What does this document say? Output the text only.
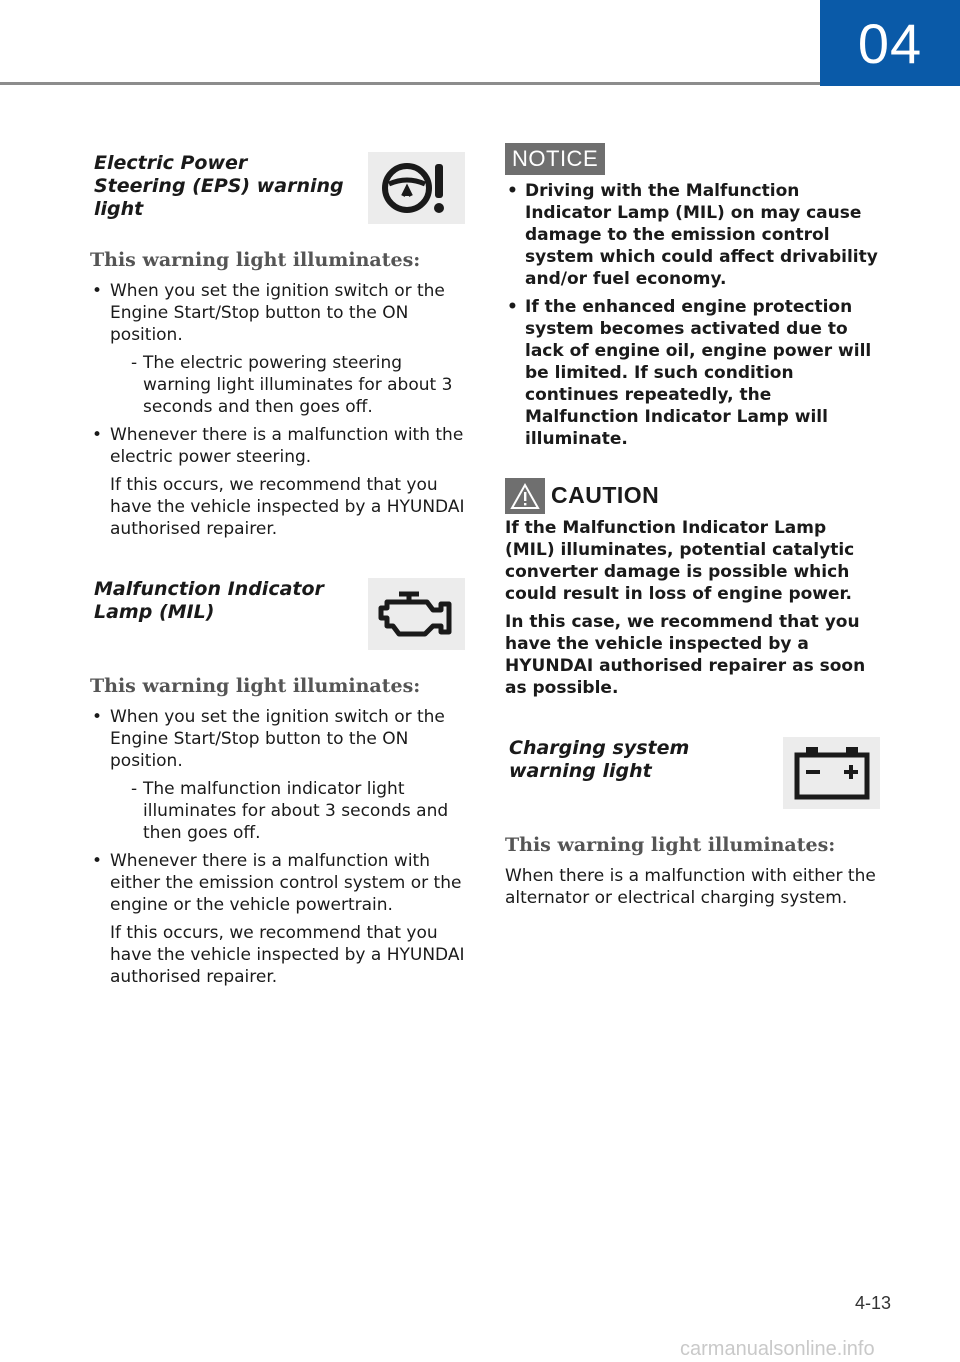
04
Electric Power Steering (EPS) warning light
This warning light illuminates:
• When you set the ignition switch or the Engine Start/Stop button to the ON position.
- The electric powering steering warning light illuminates for about 3 seconds and then goes off.
• Whenever there is a malfunction with the electric power steering.
If this occurs, we recommend that you have the vehicle inspected by a HYUNDAI authorised repairer.
Malfunction Indicator Lamp (MIL)
This warning light illuminates:
• When you set the ignition switch or the Engine Start/Stop button to the ON position.
- The malfunction indicator light illuminates for about 3 seconds and then goes off.
• Whenever there is a malfunction with either the emission control system or the engine or the vehicle powertrain.
If this occurs, we recommend that you have the vehicle inspected by a HYUNDAI authorised repairer.
NOTICE
• Driving with the Malfunction Indicator Lamp (MIL) on may cause damage to the emission control system which could affect drivability and/or fuel economy.
• If the enhanced engine protection system becomes activated due to lack of engine oil, engine power will be limited. If such condition continues repeatedly, the Malfunction Indicator Lamp will illuminate.
CAUTION
If the Malfunction Indicator Lamp (MIL) illuminates, potential catalytic converter damage is possible which could result in loss of engine power.
In this case, we recommend that you have the vehicle inspected by a HYUNDAI authorised repairer as soon as possible.
Charging system warning light
This warning light illuminates:
When there is a malfunction with either the alternator or electrical charging system.
4-13
carmanualsonline.info
